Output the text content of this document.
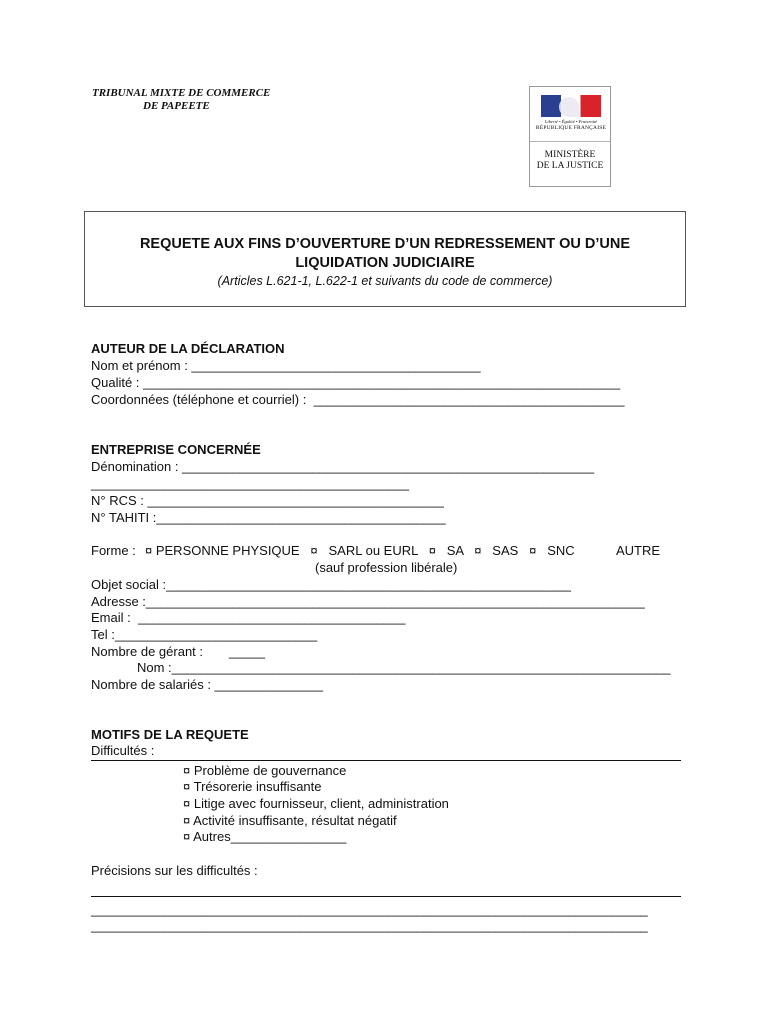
TRIBUNAL MIXTE DE COMMERCE
DE PAPEETE
Liberté • Égalité • Fraternité
RÉPUBLIQUE FRANÇAISE
MINISTÈRE
DE LA JUSTICE
REQUETE AUX FINS D’OUVERTURE D’UN REDRESSEMENT OU D’UNE
LIQUIDATION JUDICIAIRE
(Articles L.621-1, L.622-1 et suivants du code de commerce)
AUTEUR DE LA DÉCLARATION
Nom et prénom : ________________________________________
Qualité : __________________________________________________________________
Coordonnées (téléphone et courriel) :  ___________________________________________
ENTREPRISE CONCERNÉE
Dénomination : _________________________________________________________
____________________________________________
N° RCS : _________________________________________
N° TAHITI :________________________________________
Forme : ¤ PERSONNE PHYSIQUE   ¤   SARL ou EURL   ¤   SA   ¤   SAS   ¤   SNC	AUTRE
(sauf profession libérale)
Objet social :________________________________________________________
Adresse :_____________________________________________________________________
Email :  _____________________________________
Tel :____________________________
Nombre de gérant : _____
Nom :_____________________________________________________________________
Nombre de salariés : _______________
MOTIFS DE LA REQUETE
Difficultés :
¤ Problème de gouvernance
¤ Trésorerie insuffisante
¤ Litige avec fournisseur, client, administration
¤ Activité insuffisante, résultat négatif
¤ Autres________________
Précisions sur les difficultés :
_____________________________________________________________________________
_____________________________________________________________________________
